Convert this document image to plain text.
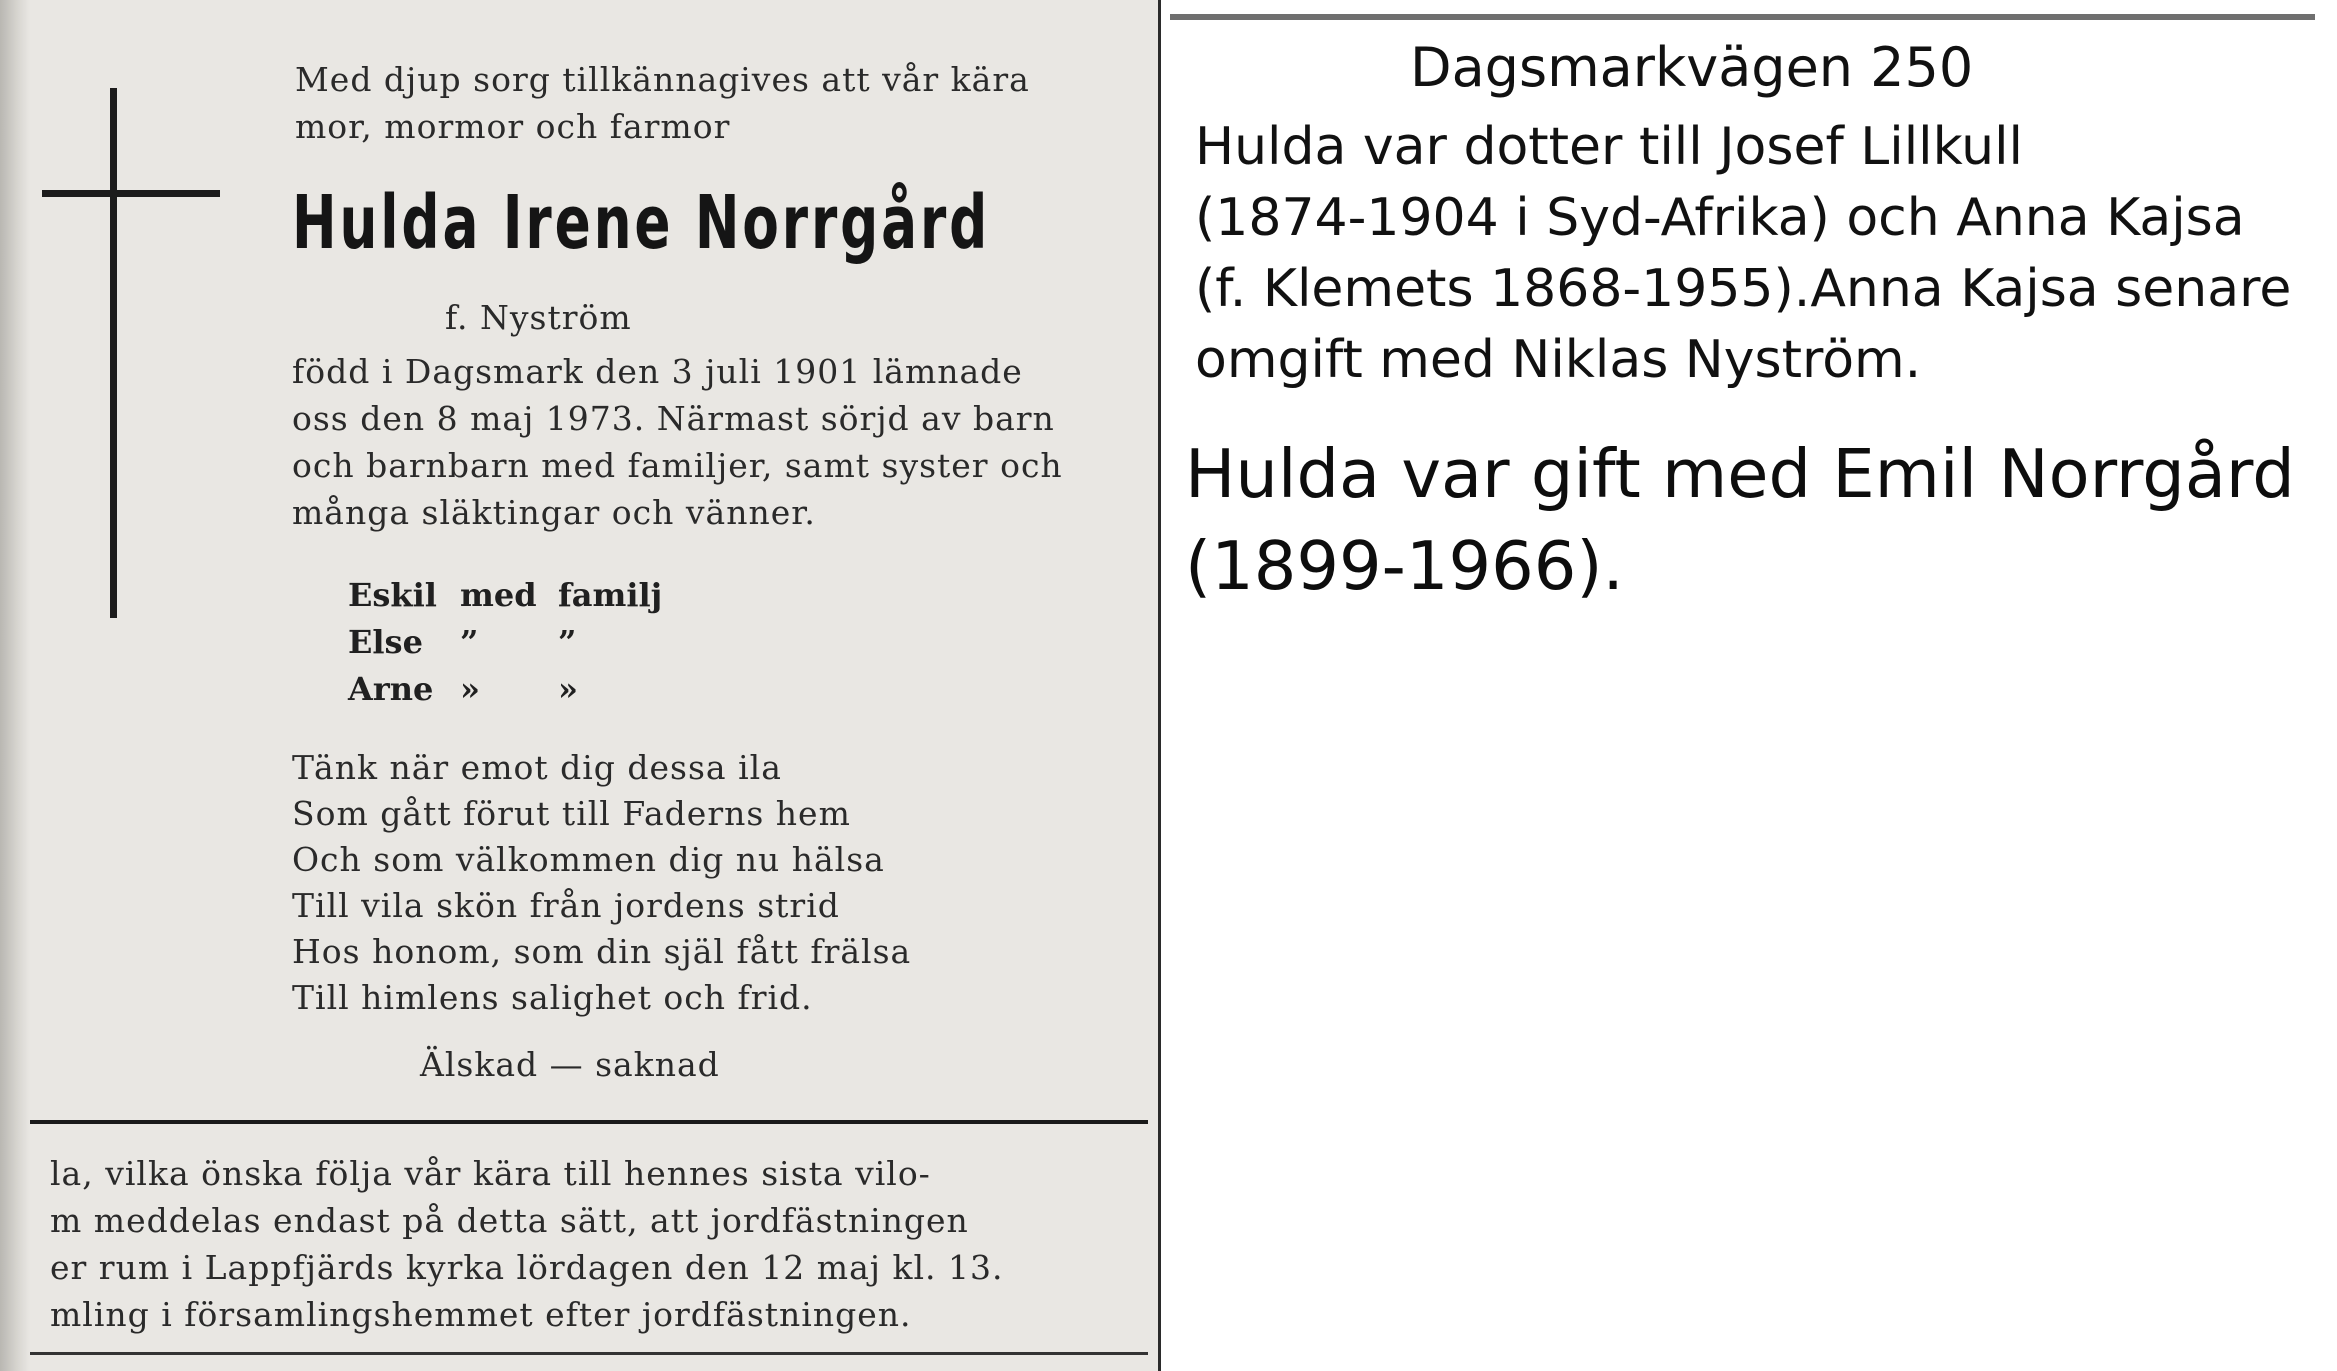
Med djup sorg tillkännagives att vår kära
mor, mormor och farmor
Hulda Irene Norrgård
f. Nyström
född i Dagsmark den 3 juli 1901 lämnade
oss den 8 maj 1973. Närmast sörjd av barn
och barnbarn med familjer, samt syster och
många släktingar och vänner.
Eskil med familj
Else	”	”
Arne »	»
Tänk när emot dig dessa ila
Som gått förut till Faderns hem
Och som välkommen dig nu hälsa
Till vila skön från jordens strid
Hos honom, som din själ fått frälsa
Till himlens salighet och frid.
Älskad — saknad
la, vilka önska följa vår kära till hennes sista vilo-
m meddelas endast på detta sätt, att jordfästningen
er rum i Lappfjärds kyrka lördagen den 12 maj kl. 13.
mling i församlingshemmet efter jordfästningen.
Dagsmarkvägen 250
Hulda var dotter till Josef Lillkull
(1874-1904 i Syd-Afrika) och Anna Kajsa
(f. Klemets 1868-1955).Anna Kajsa senare
omgift med Niklas Nyström.
Hulda var gift med Emil Norrgård
(1899-1966).
